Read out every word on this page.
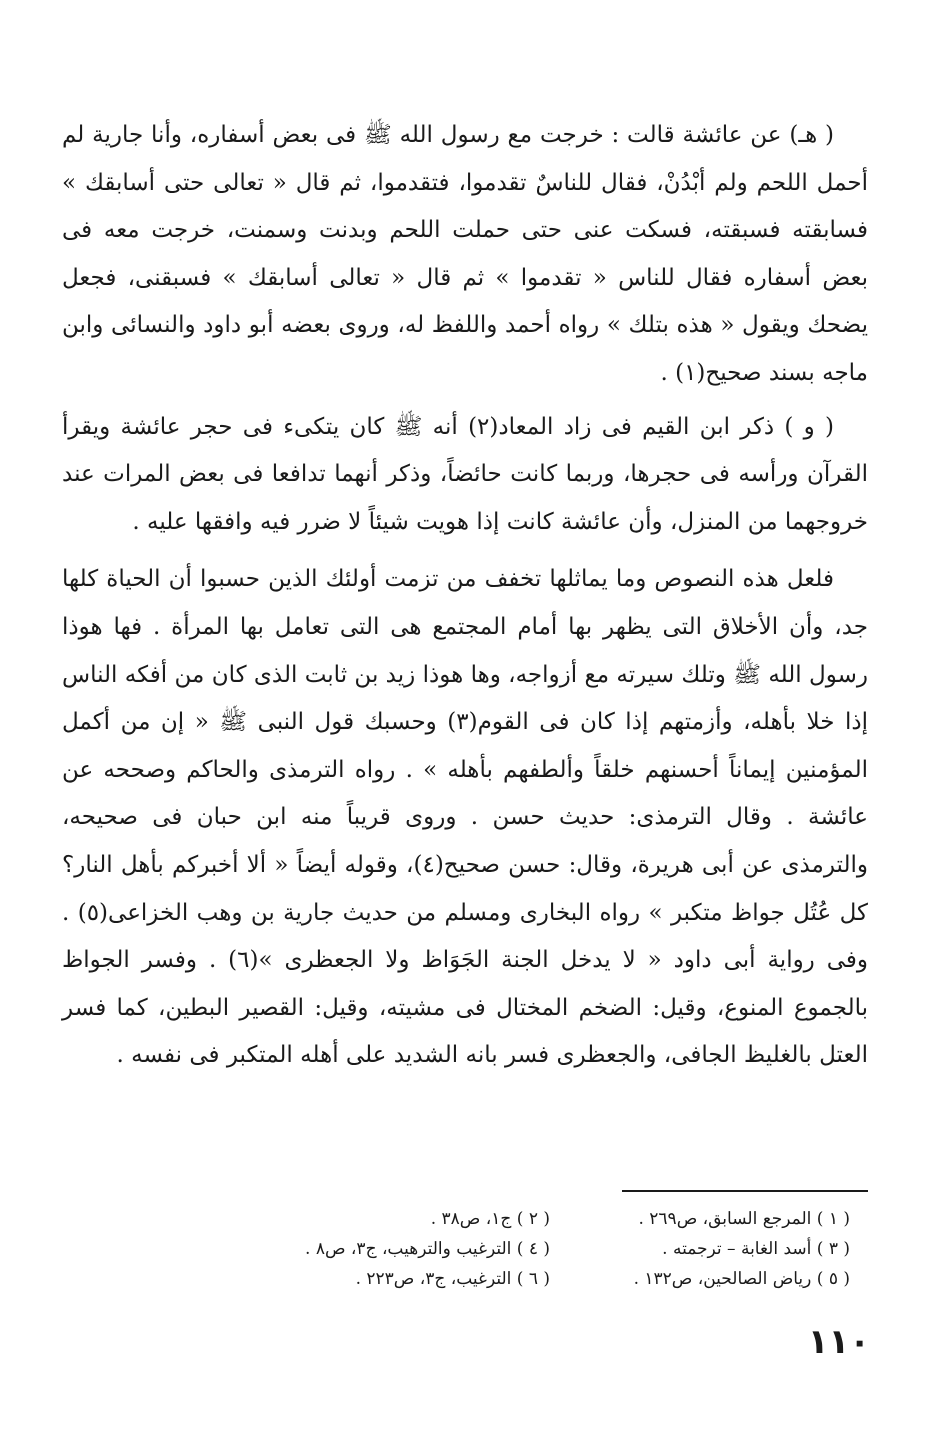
( هـ) عن عائشة قالت : خرجت مع رسول الله ﷺ فى بعض أسفاره، وأنا جارية لم أحمل اللحم ولم أبْدُنْ، فقال للناسٌ تقدموا، فتقدموا، ثم قال « تعالى حتى أسابقك » فسابقته فسبقته، فسكت عنى حتى حملت اللحم وبدنت وسمنت، خرجت معه فى بعض أسفاره فقال للناس « تقدموا » ثم قال « تعالى أسابقك » فسبقنى، فجعل يضحك ويقول « هذه بتلك » رواه أحمد واللفظ له، وروى بعضه أبو داود والنسائى وابن ماجه بسند صحيح(١) .

( و ) ذكر ابن القيم فى زاد المعاد(٢) أنه ﷺ كان يتكىء فى حجر عائشة ويقرأ القرآن ورأسه فى حجرها، وربما كانت حائضاً، وذكر أنهما تدافعا فى بعض المرات عند خروجهما من المنزل، وأن عائشة كانت إذا هويت شيئاً لا ضرر فيه وافقها عليه .

فلعل هذه النصوص وما يماثلها تخفف من تزمت أولئك الذين حسبوا أن الحياة كلها جد، وأن الأخلاق التى يظهر بها أمام المجتمع هى التى تعامل بها المرأة . فها هوذا رسول الله ﷺ وتلك سيرته مع أزواجه، وها هوذا زيد بن ثابت الذى كان من أفكه الناس إذا خلا بأهله، وأزمتهم إذا كان فى القوم(٣) وحسبك قول النبى ﷺ « إن من أكمل المؤمنين إيماناً أحسنهم خلقاً وألطفهم بأهله » . رواه الترمذى والحاكم وصححه عن عائشة . وقال الترمذى: حديث حسن . وروى قريباً منه ابن حبان فى صحيحه، والترمذى عن أبى هريرة، وقال: حسن صحيح(٤)، وقوله أيضاً « ألا أخبركم بأهل النار؟ كل عُتُل جواظ متكبر » رواه البخارى ومسلم من حديث جارية بن وهب الخزاعى(٥) . وفى رواية أبى داود « لا يدخل الجنة الجَوَاظ ولا الجعظرى »(٦) . وفسر الجواظ بالجموع المنوع، وقيل: الضخم المختال فى مشيته، وقيل: القصير البطين، كما فسر العتل بالغليظ الجافى، والجعظرى فسر بانه الشديد على أهله المتكبر فى نفسه .

( ١ ) المرجع السابق، ص٢٦٩ .
( ٢ ) ج١، ص٣٨ .
( ٣ ) أسد الغابة – ترجمته .
( ٤ ) الترغيب والترهيب، ج٣، ص٨ .
( ٥ ) رياض الصالحين، ص١٣٢ .
( ٦ ) الترغيب، ج٣، ص٢٢٣ .
١١٠
